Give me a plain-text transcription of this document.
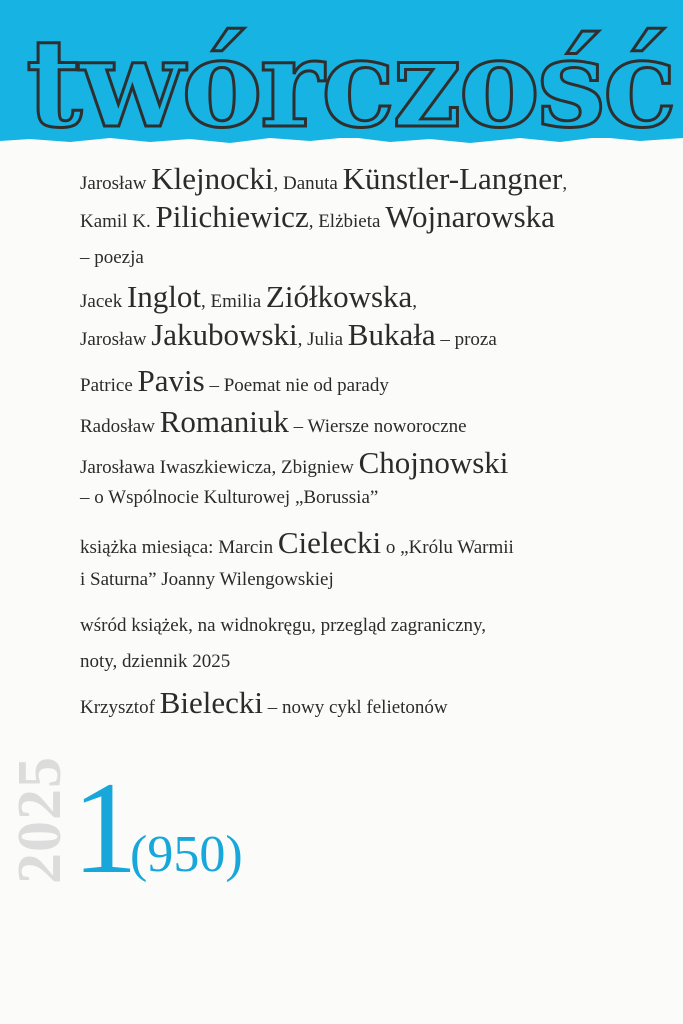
twórczość
Jarosław Klejnocki, Danuta Künstler-Langner,
Kamil K. Pilichiewicz, Elżbieta Wojnarowska
– poezja
Jacek Inglot, Emilia Ziółkowska,
Jarosław Jakubowski, Julia Bukała – proza
Patrice Pavis – Poemat nie od parady
Radosław Romaniuk – Wiersze noworoczne
Jarosława Iwaszkiewicza, Zbigniew Chojnowski
– o Wspólnocie Kulturowej „Borussia”
książka miesiąca: Marcin Cielecki o „Królu Warmii
i Saturna” Joanny Wilengowskiej
wśród książek, na widnokręgu, przegląd zagraniczny,
noty, dziennik 2025
Krzysztof Bielecki – nowy cykl felietonów
2025
1
(950)
